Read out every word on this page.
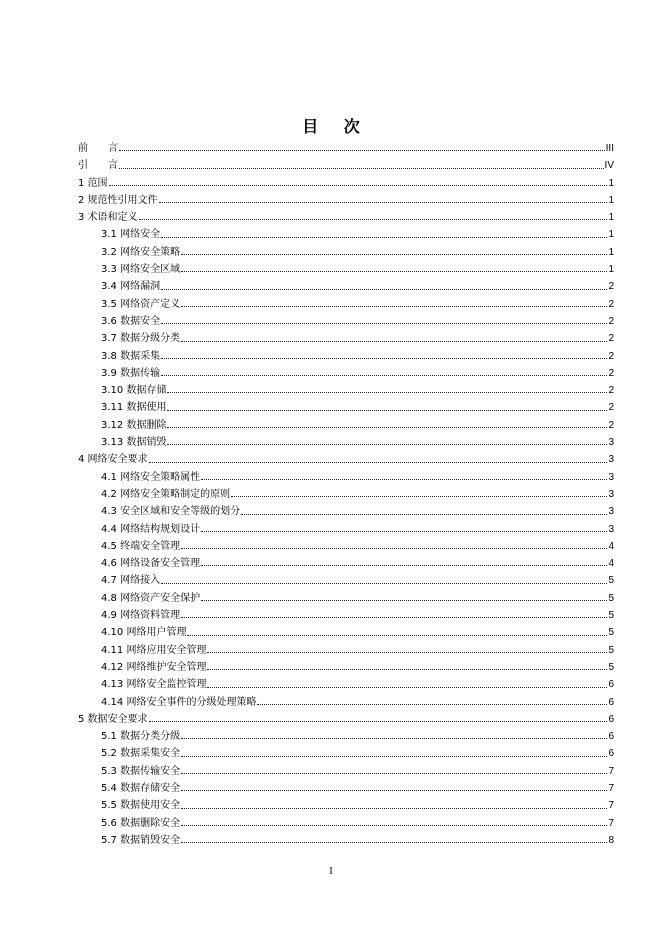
目 次
前　　言	III
引　　言	IV
1 范围	1
2 规范性引用文件	1
3 术语和定义	1
3.1 网络安全	1
3.2 网络安全策略	1
3.3 网络安全区域	1
3.4 网络漏洞	2
3.5 网络资产定义	2
3.6 数据安全	2
3.7 数据分级分类	2
3.8 数据采集	2
3.9 数据传输	2
3.10 数据存储	2
3.11 数据使用	2
3.12 数据删除	2
3.13 数据销毁	3
4 网络安全要求	3
4.1 网络安全策略属性	3
4.2 网络安全策略制定的原则	3
4.3 安全区域和安全等级的划分	3
4.4 网络结构规划设计	3
4.5 终端安全管理	4
4.6 网络设备安全管理	4
4.7 网络接入	5
4.8 网络资产安全保护	5
4.9 网络资料管理	5
4.10 网络用户管理	5
4.11 网络应用安全管理	5
4.12 网络维护安全管理	5
4.13 网络安全监控管理	6
4.14 网络安全事件的分级处理策略	6
5 数据安全要求	6
5.1 数据分类分级	6
5.2 数据采集安全	6
5.3 数据传输安全	7
5.4 数据存储安全	7
5.5 数据使用安全	7
5.6 数据删除安全	7
5.7 数据销毁安全	8
I
